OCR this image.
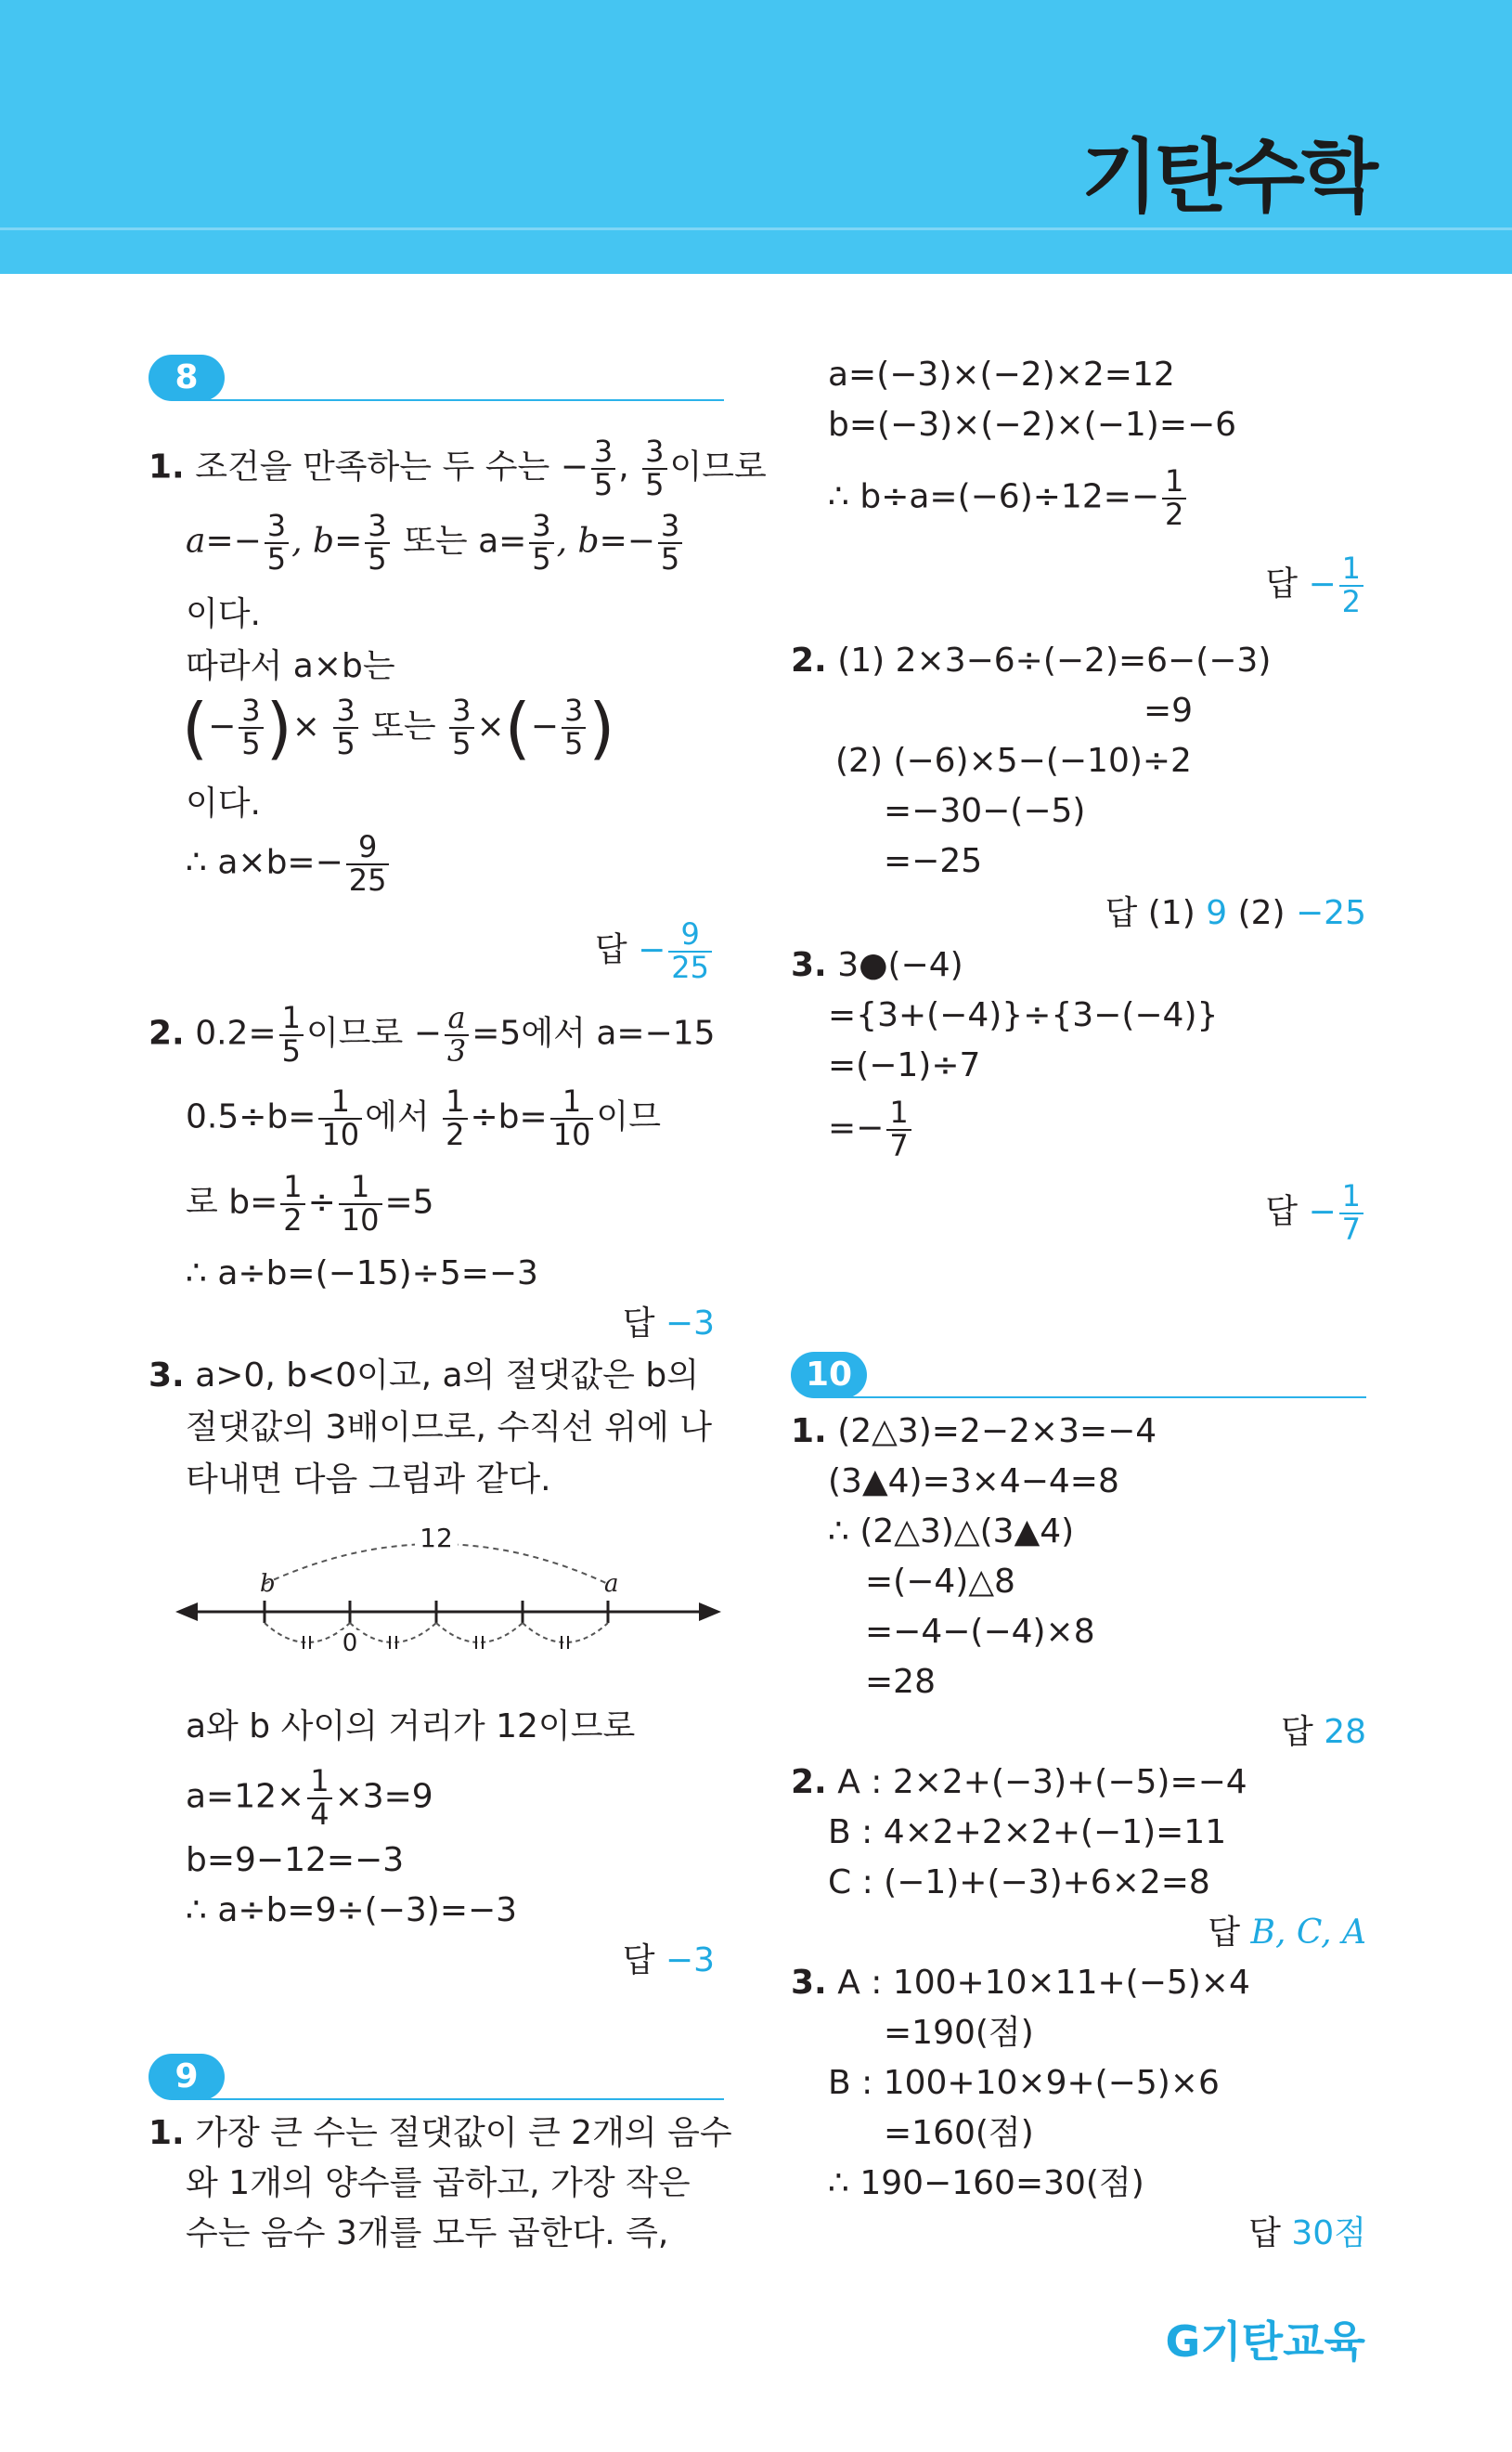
기탄수학
8
1. 조건을 만족하는 두 수는 − $\frac{3}{5}$ , $\frac{3}{5}$ 이므로
$a=- \frac{3}{5}$ , $b= \frac{3}{5}$ 또는 $a= \frac{3}{5}$ , $b=- \frac{3}{5}$
이다.
따라서 a×b는
(− $\frac{3}{5}$ )× $\frac{3}{5}$ 또는 $\frac{3}{5}$ ×(− $\frac{3}{5}$ )
이다.
∴ $a\times b=- \frac{9}{25}$
답 − $\frac{9}{25}$
2. $0.2= \frac{1}{5}$ 이므로 − $\frac{a}{3} =5$에서 a=−15
$0.5\div b= \frac{1}{10}$ 에서 $\frac{1}{2} \div b= \frac{1}{10}$ 이므
로 $b= \frac{1}{2} \div \frac{1}{10} =5$
∴ a÷b=(−15)÷5=−3
답 −3
3. a>0, b<0이고, a의 절댓값은 b의
절댓값의 3배이므로, 수직선 위에 나
타내면 다음 그림과 같다.
12
b	a
0
a와 b 사이의 거리가 12이므로
$a=12\times \frac{1}{4} \times 3=9$
b=9−12=−3
∴ a÷b=9÷(−3)=−3
답 −3
9
1. 가장 큰 수는 절댓값이 큰 2개의 음수
와 1개의 양수를 곱하고, 가장 작은
수는 음수 3개를 모두 곱한다. 즉,
a=(−3)×(−2)×2=12
b=(−3)×(−2)×(−1)=−6
∴ $b\div a=(-6)\div 12=- \frac{1}{2}$
답 − $\frac{1}{2}$
2. (1) 2×3−6÷(−2)=6−(−3)
=9
(2) (−6)×5−(−10)÷2
=−30−(−5)
=−25
답 (1) 9 (2) −25
3. 3●(−4)
={3+(−4)}÷{3−(−4)}
=(−1)÷7
=− $\frac{1}{7}$
답 − $\frac{1}{7}$
10
1. (2△3)=2−2×3=−4
(3▲4)=3×4−4=8
∴ (2△3)△(3▲4)
=(−4)△8
=−4−(−4)×8
=28
답 28
2. A : 2×2+(−3)+(−5)=−4
B : 4×2+2×2+(−1)=11
C : (−1)+(−3)+6×2=8
답 B, C, A
3. A : 100+10×11+(−5)×4
=190(점)
B : 100+10×9+(−5)×6
=160(점)
∴ 190−160=30(점)
답 30점
G기탄교육
